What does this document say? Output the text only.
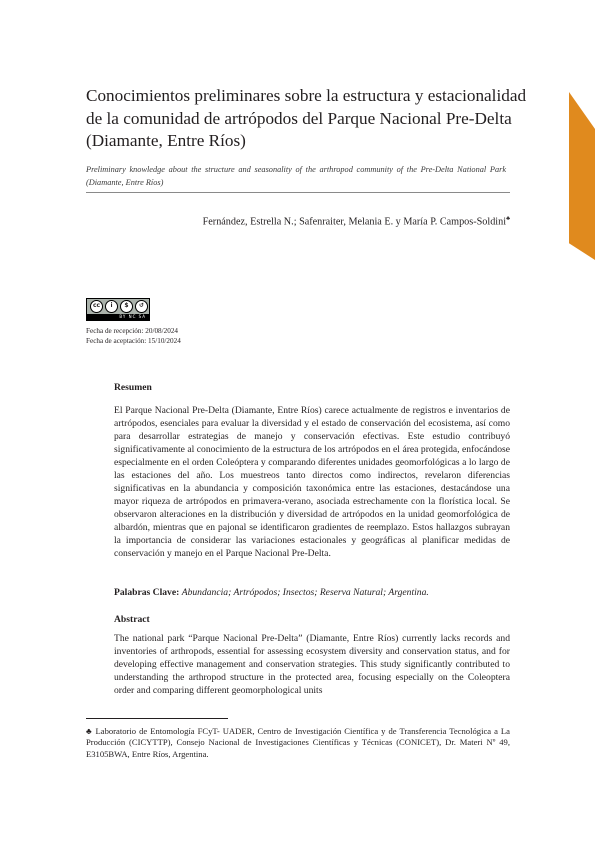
Conocimientos preliminares sobre la estructura y estacionalidad de la comunidad de artrópodos del Parque Nacional Pre-Delta (Diamante, Entre Ríos)
Preliminary knowledge about the structure and seasonality of the arthropod community of the Pre-Delta National Park (Diamante, Entre Ríos)
Fernández, Estrella N.; Safenraiter, Melania E. y María P. Campos-Soldini♣
cc	i	$	↺
BY NC SA
Fecha de recepción: 20/08/2024
Fecha de aceptación: 15/10/2024
Resumen
El Parque Nacional Pre-Delta (Diamante, Entre Ríos) carece actualmente de registros e inventarios de artrópodos, esenciales para evaluar la diversidad y el estado de conservación del ecosistema, así como para desarrollar estrategias de manejo y conservación efectivas. Este estudio contribuyó significativamente al conocimiento de la estructura de los artrópodos en el área protegida, enfocándose especialmente en el orden Coleóptera y comparando diferentes unidades geomorfológicas a lo largo de las estaciones del año. Los muestreos tanto directos como indirectos, revelaron diferencias significativas en la abundancia y composición taxonómica entre las estaciones, destacándose una mayor riqueza de artrópodos en primavera-verano, asociada estrechamente con la florística local. Se observaron alteraciones en la distribución y diversidad de artrópodos en la unidad geomorfológica de albardón, mientras que en pajonal se identificaron gradientes de reemplazo. Estos hallazgos subrayan la importancia de considerar las variaciones estacionales y geográficas al planificar medidas de conservación y manejo en el Parque Nacional Pre-Delta.
Palabras Clave: Abundancia; Artrópodos; Insectos; Reserva Natural; Argentina.
Abstract
The national park “Parque Nacional Pre-Delta” (Diamante, Entre Ríos) currently lacks records and inventories of arthropods, essential for assessing ecosystem diversity and conservation status, and for developing effective management and conservation strategies. This study significantly contributed to understanding the arthropod structure in the protected area, focusing especially on the Coleoptera order and comparing different geomorphological units
♣ Laboratorio de Entomología FCyT- UADER, Centro de Investigación Científica y de Transferencia Tecnológica a La Producción (CICYTTP), Consejo Nacional de Investigaciones Científicas y Técnicas (CONICET), Dr. Materi Nº 49, E3105BWA, Entre Ríos, Argentina.
